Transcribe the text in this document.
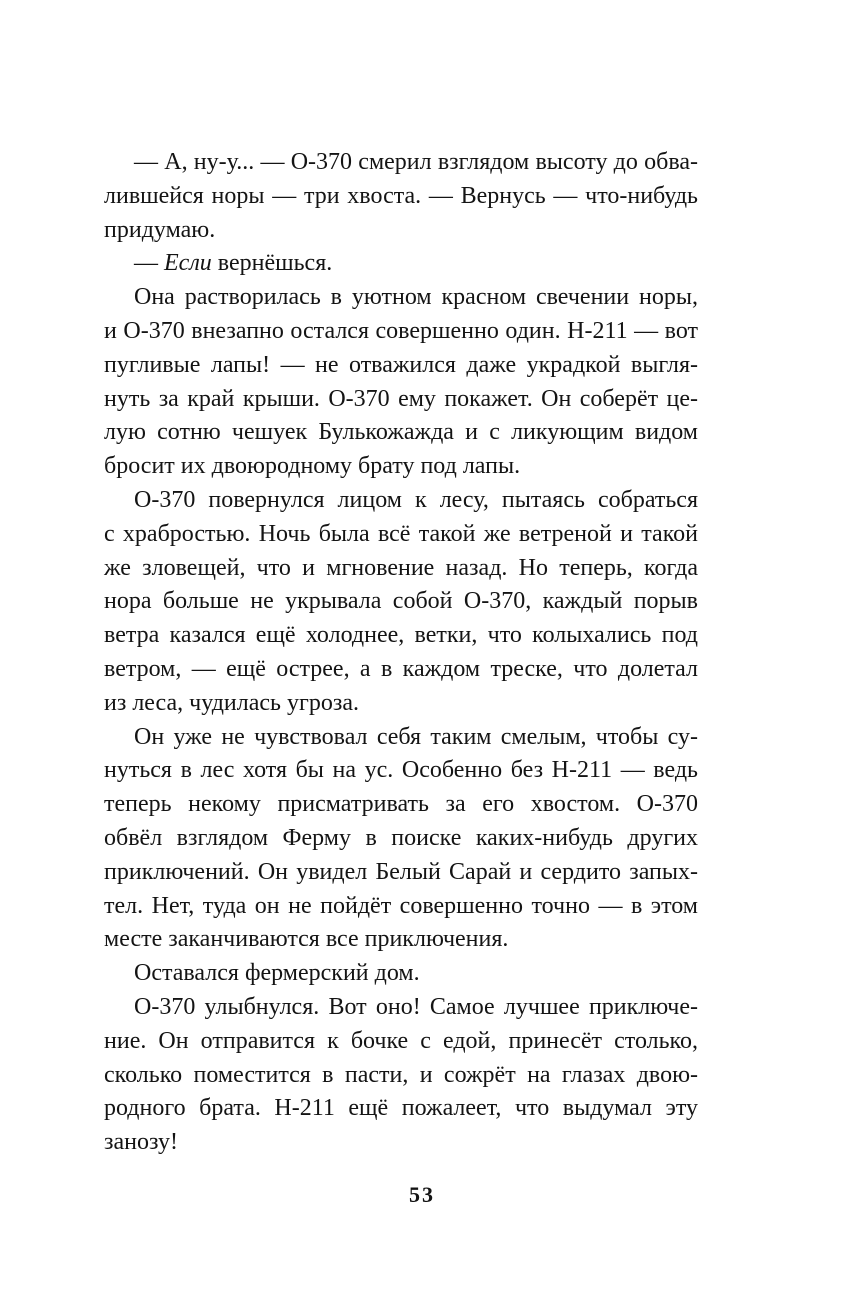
— А, ну-у... — О-370 смерил взглядом высоту до обва-
лившейся норы — три хвоста. — Вернусь — что-нибудь
придумаю.
— Если вернёшься.
Она растворилась в уютном красном свечении норы,
и О-370 внезапно остался совершенно один. Н-211 — вот
пугливые лапы! — не отважился даже украдкой выгля-
нуть за край крыши. О-370 ему покажет. Он соберёт це-
лую сотню чешуек Булькожажда и с ликующим видом
бросит их двоюродному брату под лапы.
О-370 повернулся лицом к лесу, пытаясь собраться
с храбростью. Ночь была всё такой же ветреной и такой
же зловещей, что и мгновение назад. Но теперь, когда
нора больше не укрывала собой О-370, каждый порыв
ветра казался ещё холоднее, ветки, что колыхались под
ветром, — ещё острее, а в каждом треске, что долетал
из леса, чудилась угроза.
Он уже не чувствовал себя таким смелым, чтобы су-
нуться в лес хотя бы на ус. Особенно без Н-211 — ведь
теперь некому присматривать за его хвостом. О-370
обвёл взглядом Ферму в поиске каких-нибудь других
приключений. Он увидел Белый Сарай и сердито запых-
тел. Нет, туда он не пойдёт совершенно точно — в этом
месте заканчиваются все приключения.
Оставался фермерский дом.
О-370 улыбнулся. Вот оно! Самое лучшее приключе-
ние. Он отправится к бочке с едой, принесёт столько,
сколько поместится в пасти, и сожрёт на глазах двою-
родного брата. Н-211 ещё пожалеет, что выдумал эту
занозу!
53
